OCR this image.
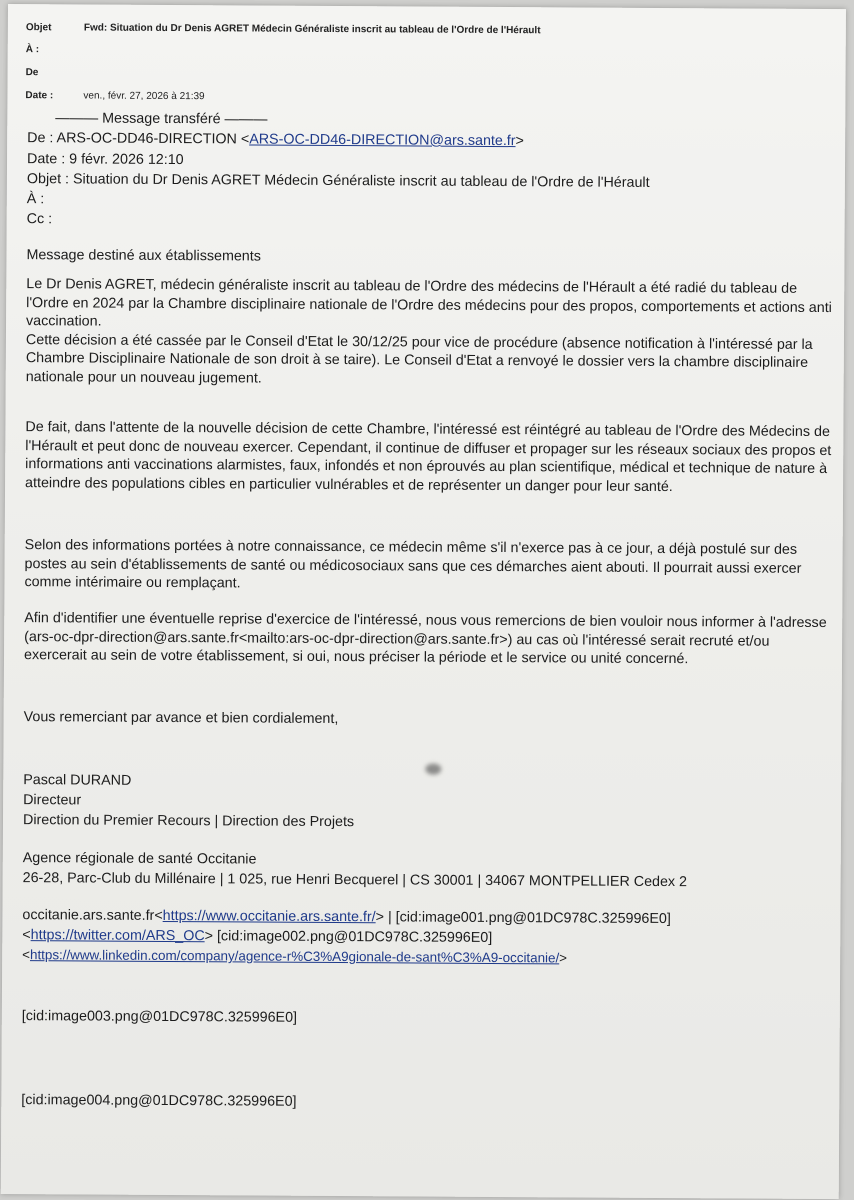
Objet	Fwd: Situation du Dr Denis AGRET Médecin Généraliste inscrit au tableau de l'Ordre de l'Hérault
À :
De
Date :	ven., févr. 27, 2026 à 21:39
——— Message transféré ———
De : ARS-OC-DD46-DIRECTION <ARS-OC-DD46-DIRECTION@ars.sante.fr>
Date : 9 févr. 2026 12:10
Objet : Situation du Dr Denis AGRET Médecin Généraliste inscrit au tableau de l'Ordre de l'Hérault
À :
Cc :
Message destiné aux établissements

Le Dr Denis AGRET, médecin généraliste inscrit au tableau de l'Ordre des médecins de l'Hérault a été radié du tableau de l'Ordre en 2024 par la Chambre disciplinaire nationale de l'Ordre des médecins pour des propos, comportements et actions anti vaccination.

Cette décision a été cassée par le Conseil d'Etat le 30/12/25 pour vice de procédure (absence notification à l'intéressé par la Chambre Disciplinaire Nationale de son droit à se taire). Le Conseil d'Etat a renvoyé le dossier vers la chambre disciplinaire nationale pour un nouveau jugement.

De fait, dans l'attente de la nouvelle décision de cette Chambre, l'intéressé est réintégré au tableau de l'Ordre des Médecins de l'Hérault et peut donc de nouveau exercer. Cependant, il continue de diffuser et propager sur les réseaux sociaux des propos et informations anti vaccinations alarmistes, faux, infondés et non éprouvés au plan scientifique, médical et technique de nature à atteindre des populations cibles en particulier vulnérables et de représenter un danger pour leur santé.

Selon des informations portées à notre connaissance, ce médecin même s'il n'exerce pas à ce jour, a déjà postulé sur des postes au sein d'établissements de santé ou médicosociaux sans que ces démarches aient abouti. Il pourrait aussi exercer comme intérimaire ou remplaçant.

Afin d'identifier une éventuelle reprise d'exercice de l'intéressé, nous vous remercions de bien vouloir nous informer à l'adresse (ars-oc-dpr-direction@ars.sante.fr<mailto:ars-oc-dpr-direction@ars.sante.fr>) au cas où l'intéressé serait recruté et/ou exercerait au sein de votre établissement, si oui, nous préciser la période et le service ou unité concerné.

Vous remerciant par avance et bien cordialement,
Pascal DURAND
Directeur
Direction du Premier Recours | Direction des Projets
Agence régionale de santé Occitanie
26-28, Parc-Club du Millénaire | 1 025, rue Henri Becquerel | CS 30001 | 34067 MONTPELLIER Cedex 2
occitanie.ars.sante.fr<https://www.occitanie.ars.sante.fr/> | [cid:image001.png@01DC978C.325996E0]
<https://twitter.com/ARS_OC> [cid:image002.png@01DC978C.325996E0]
<https://www.linkedin.com/company/agence-r%C3%A9gionale-de-sant%C3%A9-occitanie/>
[cid:image003.png@01DC978C.325996E0]
[cid:image004.png@01DC978C.325996E0]
